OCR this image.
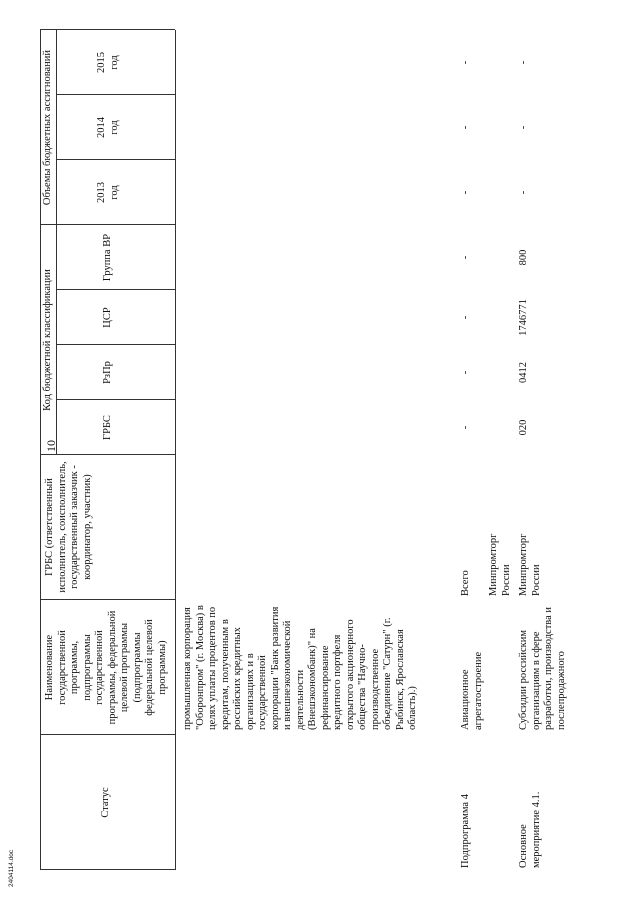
10
Статус
Наименование государственной программы, подпрограммы государственной программы, федеральной целевой программы (подпрограммы федеральной целевой программы)
ГРБС (ответственный исполнитель, соисполнитель, государственный заказчик - координатор, участник)
Код бюджетной классификации
ГРБС
РзПр
ЦСР
Группа ВР
Объемы бюджетных ассигнований	2013
год
2014
год
2015
год
промышленная корпорация "Оборонпром" (г. Москва) в целях уплаты процентов по кредитам, полученным в российских кредитных организациях и в государственной корпорации "Банк развития и внешнеэкономической деятельности (Внешэкономбанк)" на рефинансирование кредитного портфеля открытого акционерного общества "Научно-производственное объединение "Сатурн" (г. Рыбинск, Ярославская область).)
Подпрограмма 4
Авиационное агрегатостроение
Всего Минпромторг
России
-
-
-
-
-
-
-
Основное
мероприятие 4.1.
Субсидии российским организациям в сфере разработки, производства и послепродажного
Минпромторг
России
020
0412
1746771
800
-
-
-
2404114.doc
